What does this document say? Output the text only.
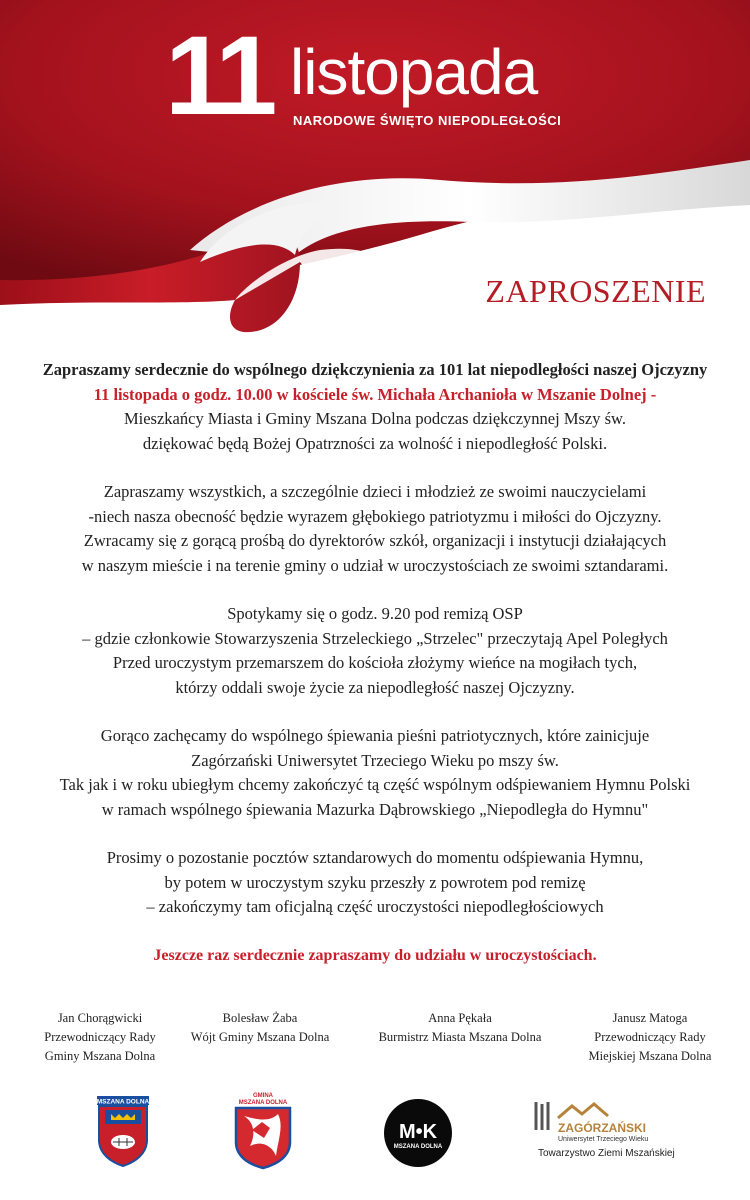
11 listopada
NARODOWE ŚWIĘTO NIEPODLEGŁOŚCI
ZAPROSZENIE

Zapraszamy serdecznie do wspólnego dziękczynienia za 101 lat niepodległości naszej Ojczyzny
11 listopada o godz. 10.00 w kościele św. Michała Archanioła w Mszanie Dolnej -
Mieszkańcy Miasta i Gminy Mszana Dolna podczas dziękczynnej Mszy św.
dziękować będą Bożej Opatrzności za wolność i niepodległość Polski.

Zapraszamy wszystkich, a szczególnie dzieci i młodzież ze swoimi nauczycielami
-niech nasza obecność będzie wyrazem głębokiego patriotyzmu i miłości do Ojczyzny.
Zwracamy się z gorącą prośbą do dyrektorów szkół, organizacji i instytucji działających
w naszym mieście i na terenie gminy o udział w uroczystościach ze swoimi sztandarami.

Spotykamy się o godz. 9.20 pod remizą OSP
– gdzie członkowie Stowarzyszenia Strzeleckiego „Strzelec" przeczytają Apel Poległych
Przed uroczystym przemarszem do kościoła złożymy wieńce na mogiłach tych,
którzy oddali swoje życie za niepodległość naszej Ojczyzny.

Gorąco zachęcamy do wspólnego śpiewania pieśni patriotycznych, które zainicjuje
Zagórzański Uniwersytet Trzeciego Wieku po mszy św.
Tak jak i w roku ubiegłym chcemy zakończyć tą część wspólnym odśpiewaniem Hymnu Polski
w ramach wspólnego śpiewania Mazurka Dąbrowskiego „Niepodległa do Hymnu"

Prosimy o pozostanie pocztów sztandarowych do momentu odśpiewania Hymnu,
by potem w uroczystym szyku przeszły z powrotem pod remizę
– zakończymy tam oficjalną część uroczystości niepodległościowych

Jeszcze raz serdecznie zapraszamy do udziału w uroczystościach.

Jan Chorągwicki
Przewodniczący Rady
Gminy Mszana Dolna
Bolesław Żaba
Wójt Gminy Mszana Dolna
Anna Pękała
Burmistrz Miasta Mszana Dolna
Janusz Matoga
Przewodniczący Rady
Miejskiej Mszana Dolna
MSZANA DOLNA
GMINA
MSZANA DOLNA
M•K
MSZANA DOLNA
ZAGÓRZAŃSKI
Uniwersytet Trzeciego Wieku
Towarzystwo Ziemi Mszańskiej
